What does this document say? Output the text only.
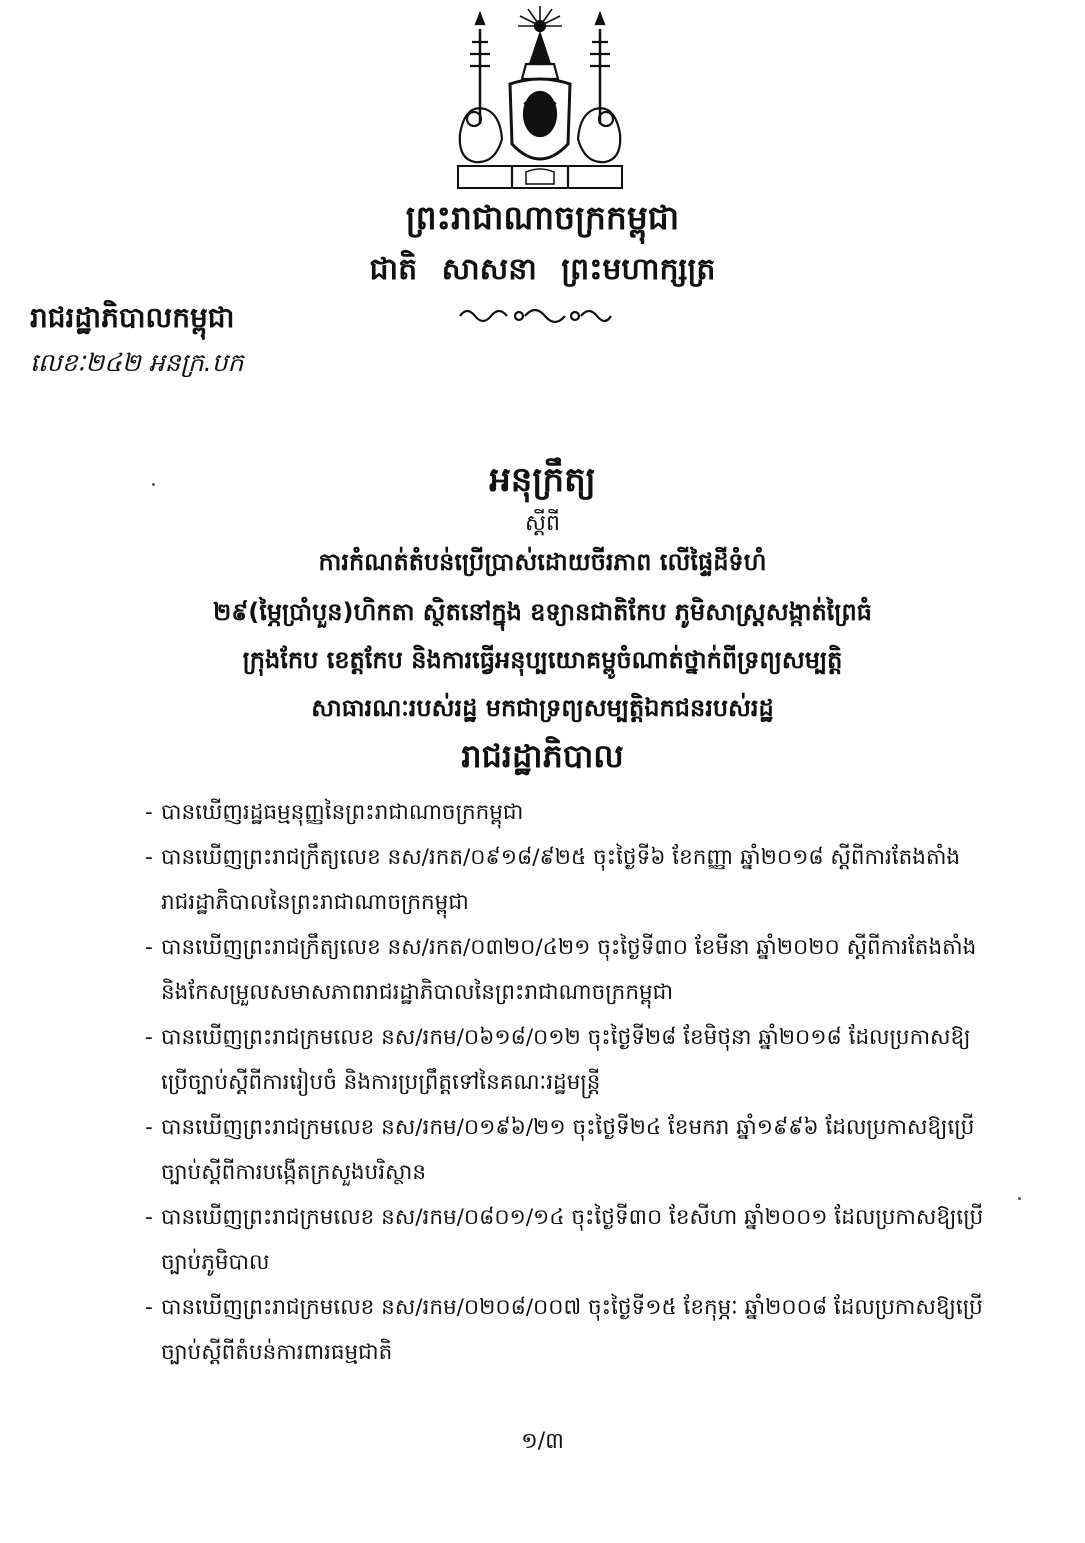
ព្រះរាជាណាចក្រកម្ពុជា
ជាតិ សាសនា ព្រះមហាក្សត្រ
រាជរដ្ឋាភិបាលកម្ពុជា
លេខៈ២៤២ អនក្រ.បក
អនុក្រឹត្យ
ស្តីពី
ការកំណត់តំបន់ប្រើប្រាស់ដោយចីរភាព លើផ្ទៃដីទំហំ
២៩(ម្ភៃប្រាំបួន)ហិកតា ស្ថិតនៅក្នុង ឧទ្យានជាតិកែប ភូមិសាស្ត្រសង្កាត់ព្រៃធំ
ក្រុងកែប ខេត្តកែប និងការធ្វើអនុប្បយោគម្ពូចំណាត់ថ្នាក់ពីទ្រព្យសម្បត្តិ
សាធារណៈរបស់រដ្ឋ មកជាទ្រព្យសម្បត្តិឯកជនរបស់រដ្ឋ
រាជរដ្ឋាភិបាល
- បានឃើញរដ្ឋធម្មនុញ្ញនៃព្រះរាជាណាចក្រកម្ពុជា
- បានឃើញព្រះរាជក្រឹត្យលេខ នស/រកត/០៩១៨/៩២៥ ចុះថ្ងៃទី៦ ខែកញ្ញា ឆ្នាំ២០១៨ ស្តីពីការតែងតាំងរាជរដ្ឋាភិបាលនៃព្រះរាជាណាចក្រកម្ពុជា
- បានឃើញព្រះរាជក្រឹត្យលេខ នស/រកត/០៣២០/៤២១ ចុះថ្ងៃទី៣០ ខែមីនា ឆ្នាំ២០២០ ស្តីពីការតែងតាំង និងកែសម្រួលសមាសភាពរាជរដ្ឋាភិបាលនៃព្រះរាជាណាចក្រកម្ពុជា
- បានឃើញព្រះរាជក្រមលេខ នស/រកម/០៦១៨/០១២ ចុះថ្ងៃទី២៨ ខែមិថុនា ឆ្នាំ២០១៨ ដែលប្រកាសឱ្យប្រើច្បាប់ស្តីពីការរៀបចំ និងការប្រព្រឹត្តទៅនៃគណៈរដ្ឋមន្ត្រី
- បានឃើញព្រះរាជក្រមលេខ នស/រកម/០១៩៦/២១ ចុះថ្ងៃទី២៤ ខែមករា ឆ្នាំ១៩៩៦ ដែលប្រកាសឱ្យប្រើច្បាប់ស្តីពីការបង្កើតក្រសួងបរិស្ថាន
- បានឃើញព្រះរាជក្រមលេខ នស/រកម/០៨០១/១៤ ចុះថ្ងៃទី៣០ ខែសីហា ឆ្នាំ២០០១ ដែលប្រកាសឱ្យប្រើច្បាប់ភូមិបាល
- បានឃើញព្រះរាជក្រមលេខ នស/រកម/០២០៨/០០៧ ចុះថ្ងៃទី១៥ ខែកុម្ភៈ ឆ្នាំ២០០៨ ដែលប្រកាសឱ្យប្រើច្បាប់ស្តីពីតំបន់ការពារធម្មជាតិ
១/៣
